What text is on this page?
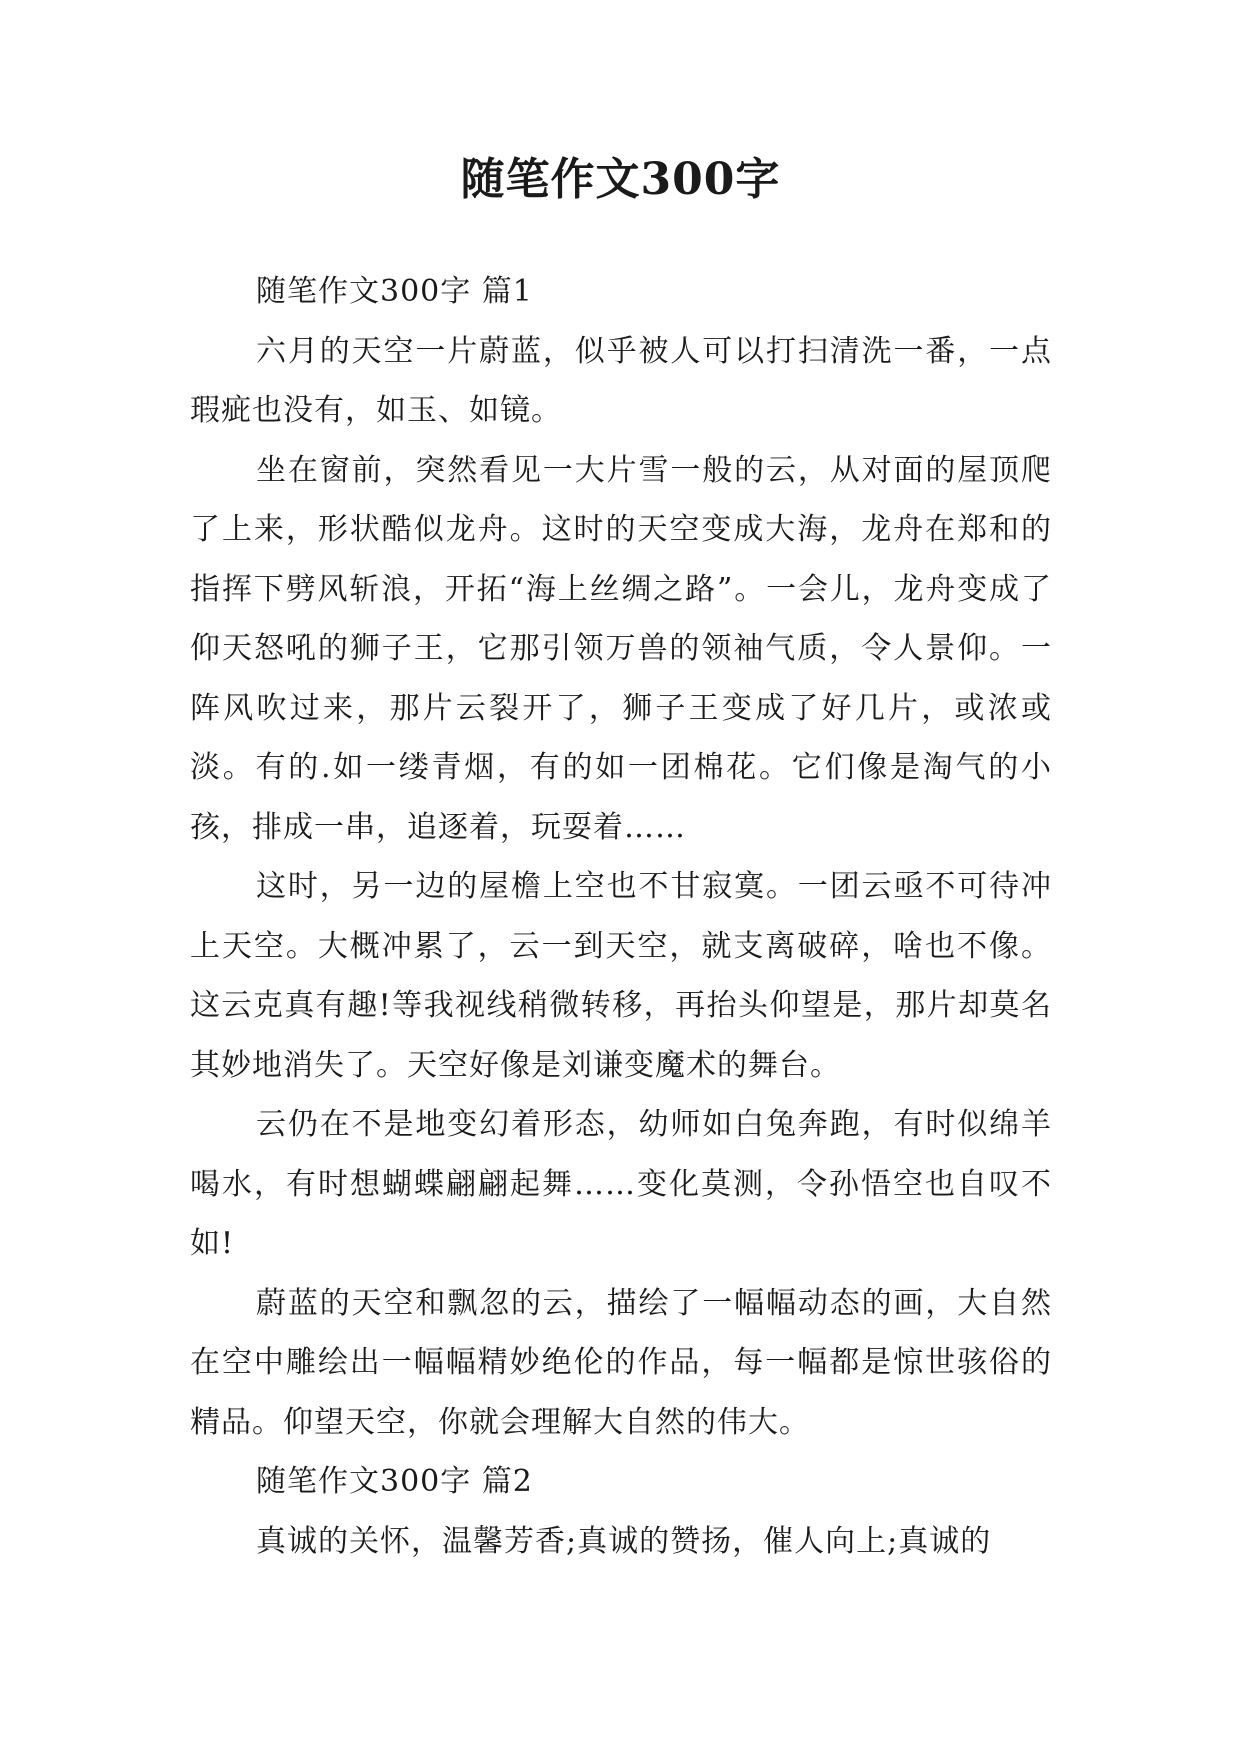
随笔作文300字

随笔作文300字 篇1

六月的天空一片蔚蓝，似乎被人可以打扫清洗一番，一点瑕疵也没有，如玉、如镜。

坐在窗前，突然看见一大片雪一般的云，从对面的屋顶爬了上来，形状酷似龙舟。这时的天空变成大海，龙舟在郑和的指挥下劈风斩浪，开拓“海上丝绸之路”。一会儿，龙舟变成了仰天怒吼的狮子王，它那引领万兽的领袖气质，令人景仰。一阵风吹过来，那片云裂开了，狮子王变成了好几片，或浓或淡。有的.如一缕青烟，有的如一团棉花。它们像是淘气的小孩，排成一串，追逐着，玩耍着……

这时，另一边的屋檐上空也不甘寂寞。一团云亟不可待冲上天空。大概冲累了，云一到天空，就支离破碎，啥也不像。这云克真有趣!等我视线稍微转移，再抬头仰望是，那片却莫名其妙地消失了。天空好像是刘谦变魔术的舞台。

云仍在不是地变幻着形态，幼师如白兔奔跑，有时似绵羊喝水，有时想蝴蝶翩翩起舞……变化莫测，令孙悟空也自叹不如!

蔚蓝的天空和飘忽的云，描绘了一幅幅动态的画，大自然在空中雕绘出一幅幅精妙绝伦的作品，每一幅都是惊世骇俗的精品。仰望天空，你就会理解大自然的伟大。

随笔作文300字 篇2

真诚的关怀，温馨芳香;真诚的赞扬，催人向上;真诚的
